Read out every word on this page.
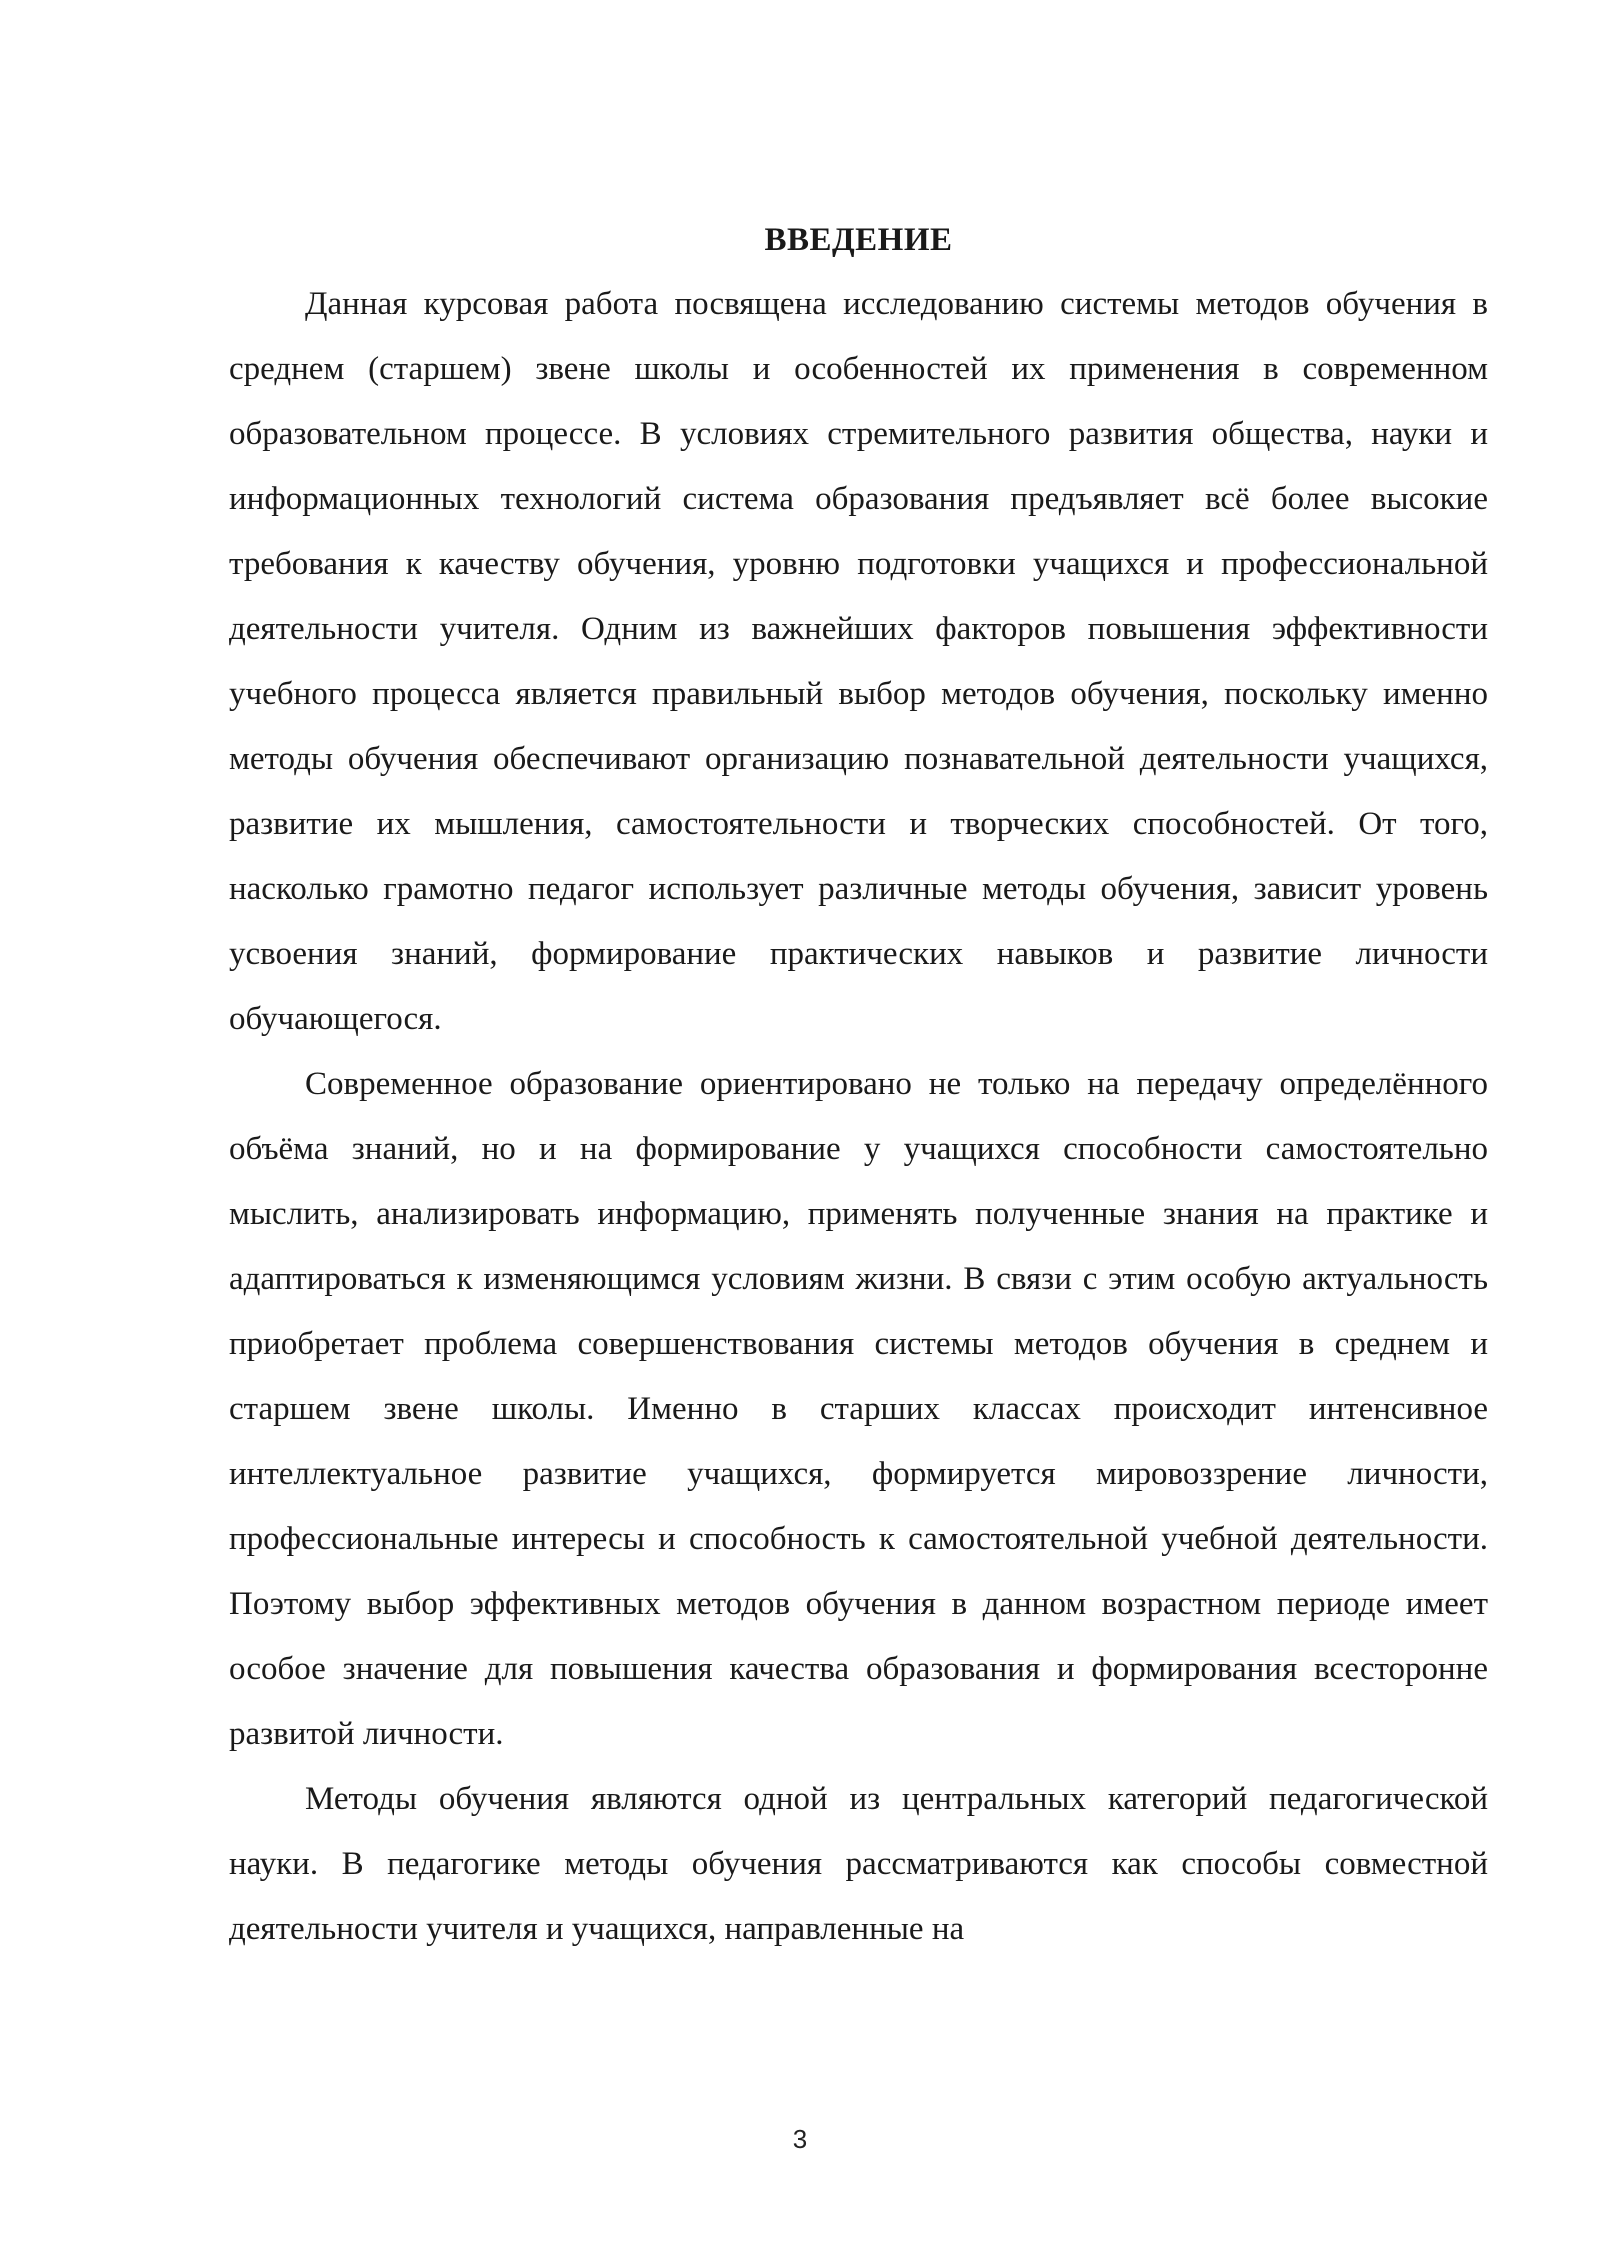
ВВЕДЕНИЕ

Данная курсовая работа посвящена исследованию системы методов обучения в среднем (старшем) звене школы и особенностей их применения в современном образовательном процессе. В условиях стремительного развития общества, науки и информационных технологий система образования предъявляет всё более высокие требования к качеству обучения, уровню подготовки учащихся и профессиональной деятельности учителя. Одним из важнейших факторов повышения эффективности учебного процесса является правильный выбор методов обучения, поскольку именно методы обучения обеспечивают организацию познавательной деятельности учащихся, развитие их мышления, самостоятельности и творческих способностей. От того, насколько грамотно педагог использует различные методы обучения, зависит уровень усвоения знаний, формирование практических навыков и развитие личности обучающегося.

Современное образование ориентировано не только на передачу определённого объёма знаний, но и на формирование у учащихся способности самостоятельно мыслить, анализировать информацию, применять полученные знания на практике и адаптироваться к изменяющимся условиям жизни. В связи с этим особую актуальность приобретает проблема совершенствования системы методов обучения в среднем и старшем звене школы. Именно в старших классах происходит интенсивное интеллектуальное развитие учащихся, формируется мировоззрение личности, профессиональные интересы и способность к самостоятельной учебной деятельности. Поэтому выбор эффективных методов обучения в данном возрастном периоде имеет особое значение для повышения качества образования и формирования всесторонне развитой личности.

Методы обучения являются одной из центральных категорий педагогической науки. В педагогике методы обучения рассматриваются как способы совместной деятельности учителя и учащихся, направленные на

3
